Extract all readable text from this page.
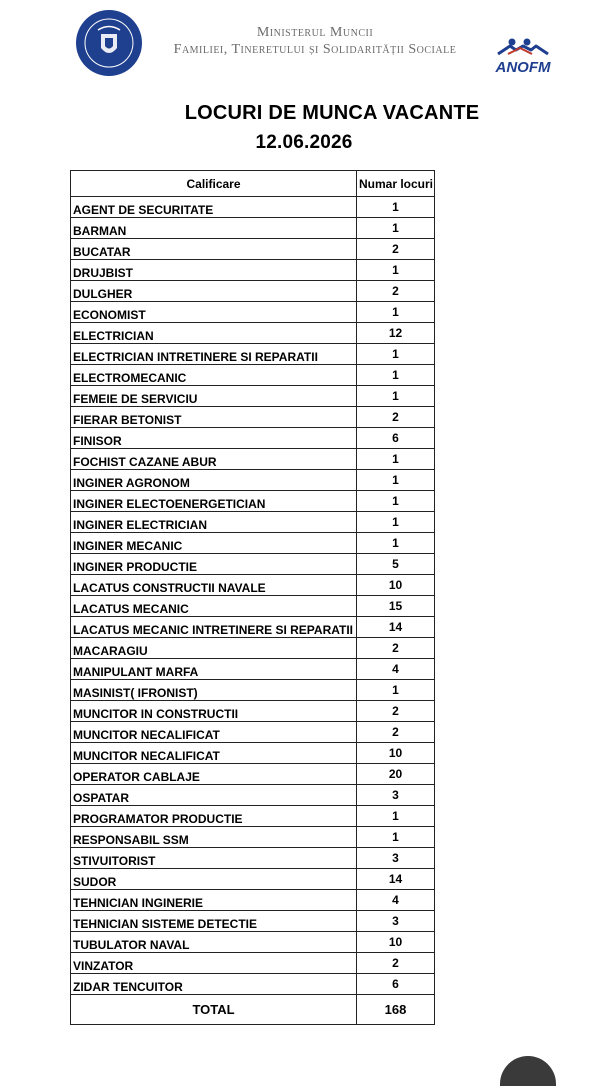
Ministerul Muncii
Familiei, Tineretului și Solidarității Sociale
ANOFM
LOCURI DE MUNCA VACANTE
12.06.2026
Calificare	Numar locuri
AGENT DE SECURITATE	1
BARMAN	1
BUCATAR	2
DRUJBIST	1
DULGHER	2
ECONOMIST	1
ELECTRICIAN	12
ELECTRICIAN INTRETINERE SI REPARATII	1
ELECTROMECANIC	1
FEMEIE DE SERVICIU	1
FIERAR BETONIST	2
FINISOR	6
FOCHIST CAZANE ABUR	1
INGINER AGRONOM	1
INGINER ELECTOENERGETICIAN	1
INGINER ELECTRICIAN	1
INGINER MECANIC	1
INGINER PRODUCTIE	5
LACATUS CONSTRUCTII NAVALE	10
LACATUS MECANIC	15
LACATUS MECANIC INTRETINERE SI REPARATII	14
MACARAGIU	2
MANIPULANT MARFA	4
MASINIST( IFRONIST)	1
MUNCITOR IN CONSTRUCTII	2
MUNCITOR NECALIFICAT	2
MUNCITOR NECALIFICAT	10
OPERATOR CABLAJE	20
OSPATAR	3
PROGRAMATOR PRODUCTIE	1
RESPONSABIL SSM	1
STIVUITORIST	3
SUDOR	14
TEHNICIAN INGINERIE	4
TEHNICIAN SISTEME DETECTIE	3
TUBULATOR NAVAL	10
VINZATOR	2
ZIDAR TENCUITOR	6
TOTAL	168
